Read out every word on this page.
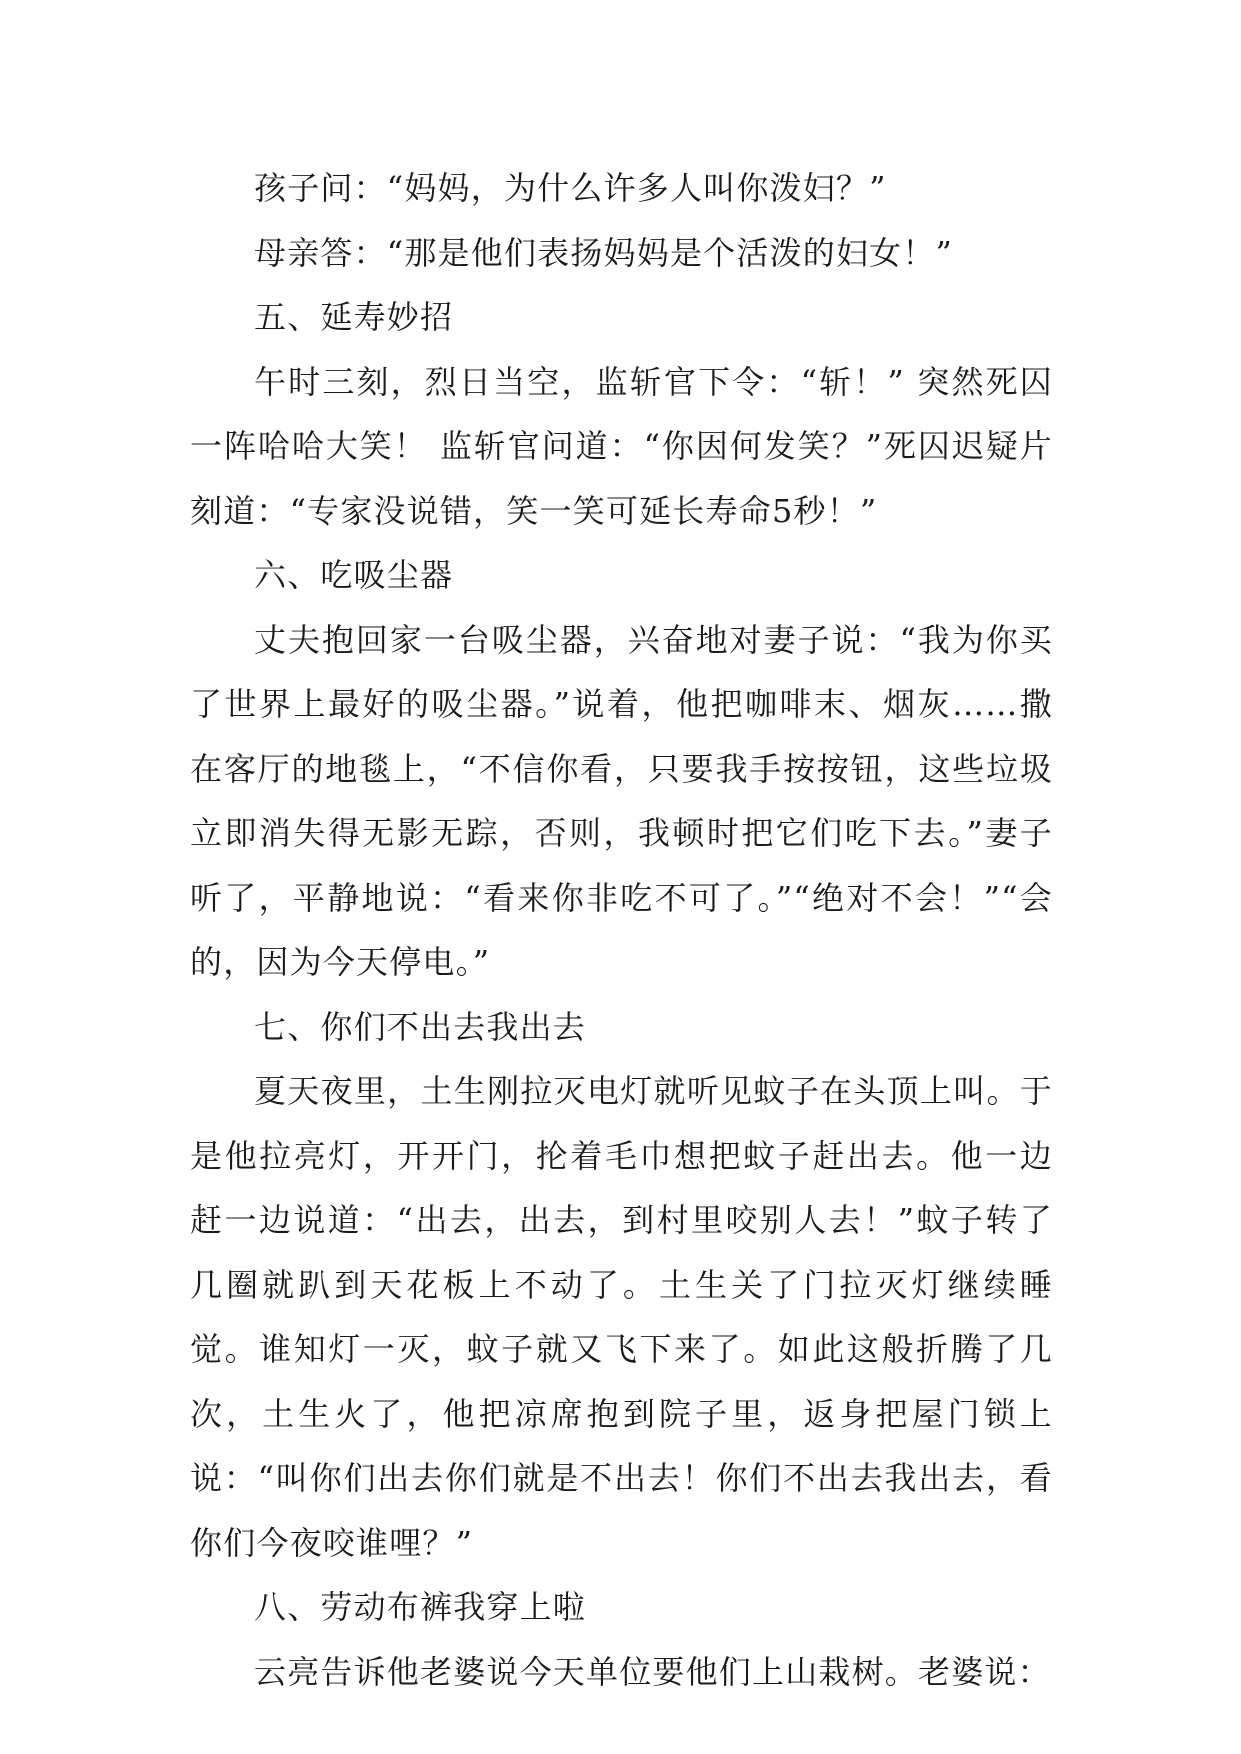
孩子问：“妈妈，为什么许多人叫你泼妇？”

母亲答：“那是他们表扬妈妈是个活泼的妇女！”

五、延寿妙招

午时三刻，烈日当空，监斩官下令：“斩！” 突然死囚一阵哈哈大笑！ 监斩官问道：“你因何发笑？”死囚迟疑片刻道：“专家没说错，笑一笑可延长寿命5秒！”

六、吃吸尘器

丈夫抱回家一台吸尘器，兴奋地对妻子说：“我为你买了世界上最好的吸尘器。”说着，他把咖啡末、烟灰……撒在客厅的地毯上，“不信你看，只要我手按按钮，这些垃圾立即消失得无影无踪，否则，我顿时把它们吃下去。”妻子听了，平静地说：“看来你非吃不可了。”“绝对不会！”“会的，因为今天停电。”

七、你们不出去我出去

夏天夜里，土生刚拉灭电灯就听见蚊子在头顶上叫。于是他拉亮灯，开开门，抡着毛巾想把蚊子赶出去。他一边赶一边说道：“出去，出去，到村里咬别人去！”蚊子转了几圈就趴到天花板上不动了。土生关了门拉灭灯继续睡觉。谁知灯一灭，蚊子就又飞下来了。如此这般折腾了几次，土生火了，他把凉席抱到院子里，返身把屋门锁上说：“叫你们出去你们就是不出去！你们不出去我出去，看你们今夜咬谁哩？”

八、劳动布裤我穿上啦

云亮告诉他老婆说今天单位要他们上山栽树。老婆说：
